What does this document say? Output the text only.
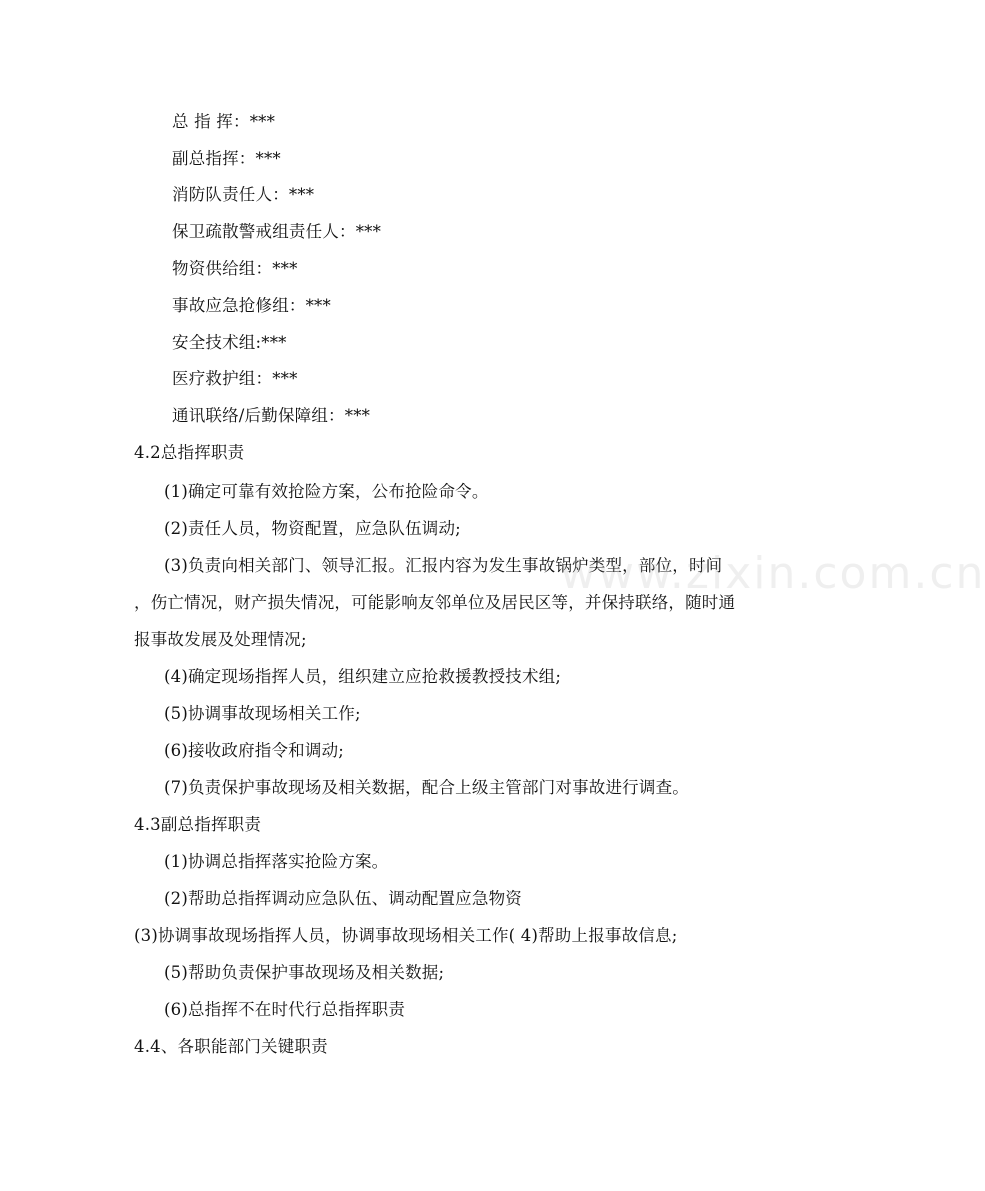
总 指 挥：***
副总指挥：***
消防队责任人：***
保卫疏散警戒组责任人：***
物资供给组：***
事故应急抢修组：***
安全技术组:***
医疗救护组：***
通讯联络/后勤保障组：***
4.2总指挥职责
(1)确定可靠有效抢险方案，公布抢险命令。
(2)责任人员，物资配置，应急队伍调动;
(3)负责向相关部门、领导汇报。汇报内容为发生事故锅炉类型，部位，时间
，伤亡情况，财产损失情况，可能影响友邻单位及居民区等，并保持联络，随时通
报事故发展及处理情况;
(4)确定现场指挥人员，组织建立应抢救援教授技术组;
(5)协调事故现场相关工作;
(6)接收政府指令和调动;
(7)负责保护事故现场及相关数据，配合上级主管部门对事故进行调查。
4.3副总指挥职责
(1)协调总指挥落实抢险方案。
(2)帮助总指挥调动应急队伍、调动配置应急物资
(3)协调事故现场指挥人员，协调事故现场相关工作( 4)帮助上报事故信息;
(5)帮助负责保护事故现场及相关数据;
(6)总指挥不在时代行总指挥职责
4.4、各职能部门关键职责
www.zixin.com.cn
